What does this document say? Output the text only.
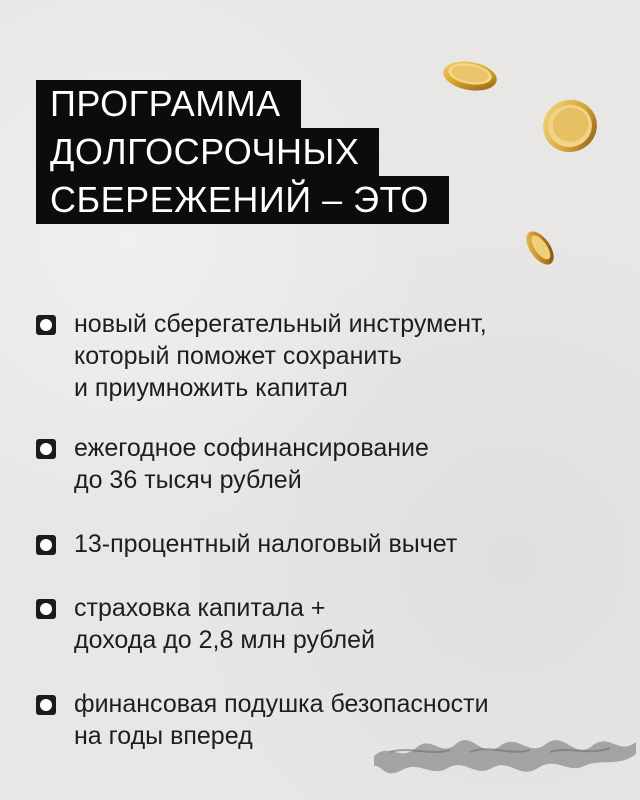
ПРОГРАММА
ДОЛГОСРОЧНЫХ
СБЕРЕЖЕНИЙ – ЭТО
новый сберегательный инструмент,
который поможет сохранить
и приумножить капитал
ежегодное софинансирование
до 36 тысяч рублей
13-процентный налоговый вычет
страховка капитала +
дохода до 2,8 млн рублей
финансовая подушка безопасности
на годы вперед
